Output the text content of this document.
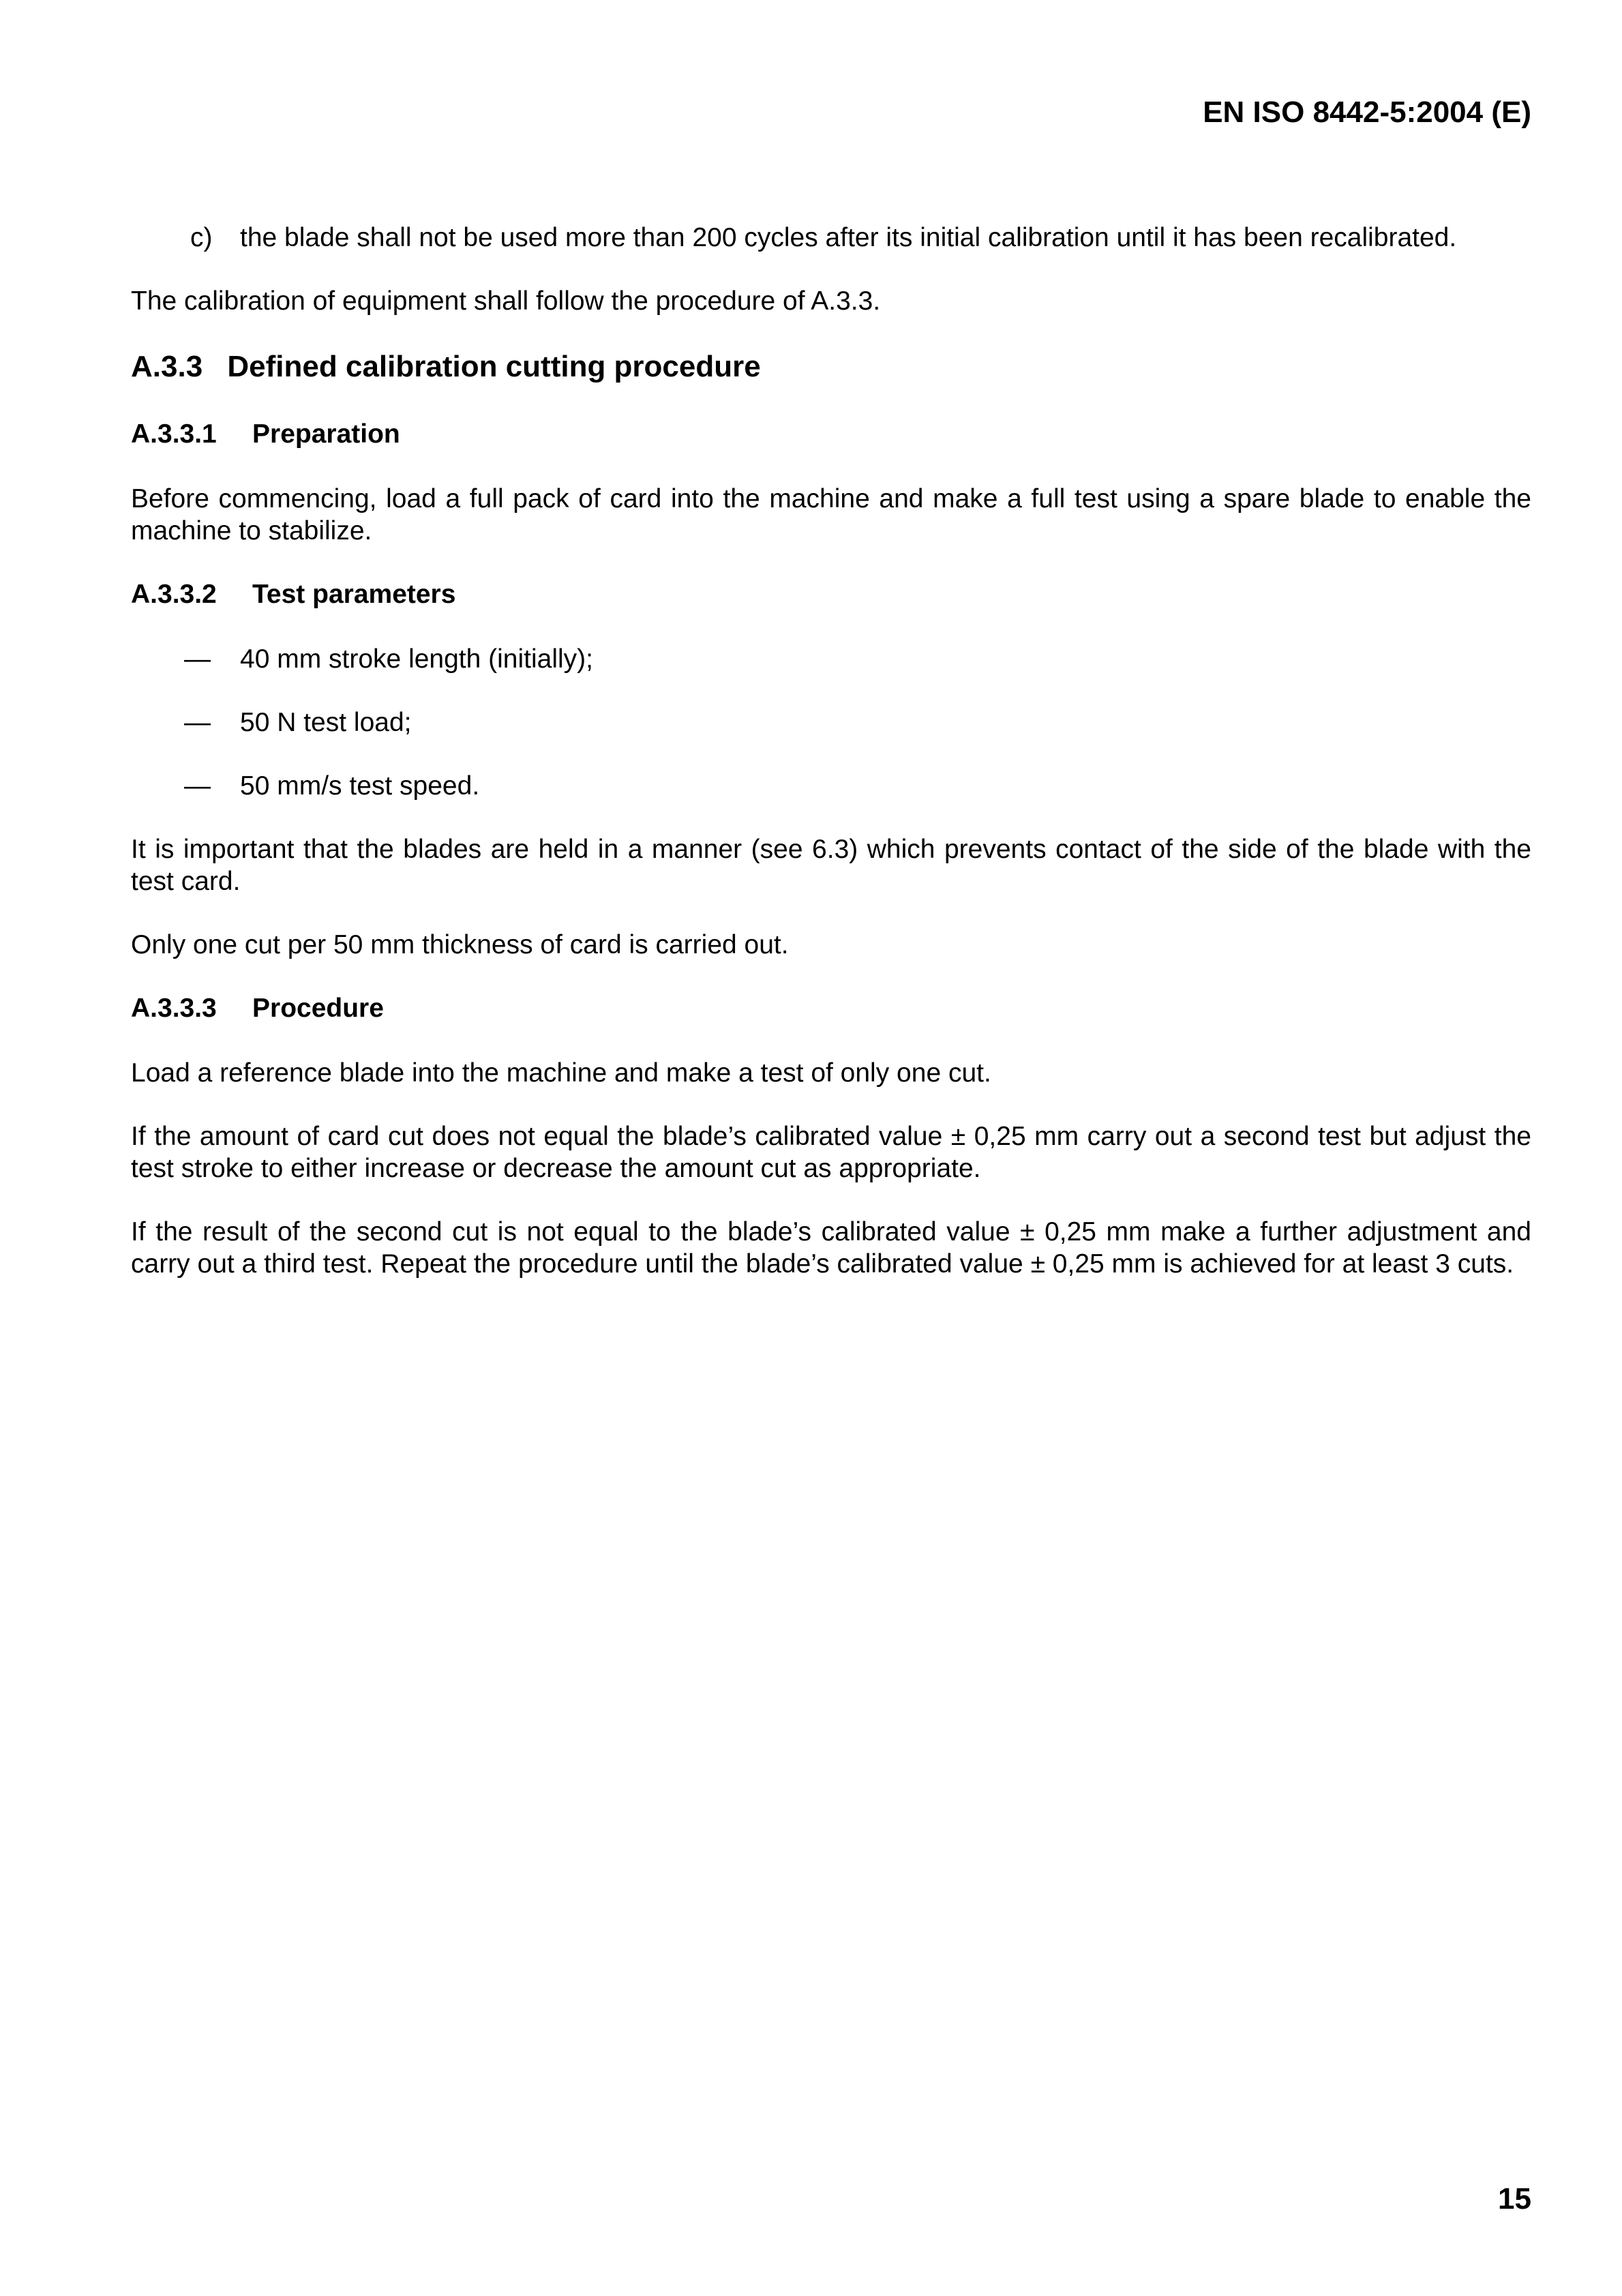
EN ISO 8442-5:2004 (E)
c)	the blade shall not be used more than 200 cycles after its initial calibration until it has been recalibrated.

The calibration of equipment shall follow the procedure of A.3.3.

A.3.3 Defined calibration cutting procedure
A.3.3.1	Preparation

Before commencing, load a full pack of card into the machine and make a full test using a spare blade to enable the machine to stabilize.

A.3.3.2	Test parameters
—	40 mm stroke length (initially);
—	50 N test load;
—	50 mm/s test speed.

It is important that the blades are held in a manner (see 6.3) which prevents contact of the side of the blade with the test card.

Only one cut per 50 mm thickness of card is carried out.

A.3.3.3	Procedure

Load a reference blade into the machine and make a test of only one cut.

If the amount of card cut does not equal the blade’s calibrated value ± 0,25 mm carry out a second test but adjust the test stroke to either increase or decrease the amount cut as appropriate.

If the result of the second cut is not equal to the blade’s calibrated value ± 0,25 mm make a further adjustment and carry out a third test. Repeat the procedure until the blade’s calibrated value ± 0,25 mm is achieved for at least 3 cuts.

15
